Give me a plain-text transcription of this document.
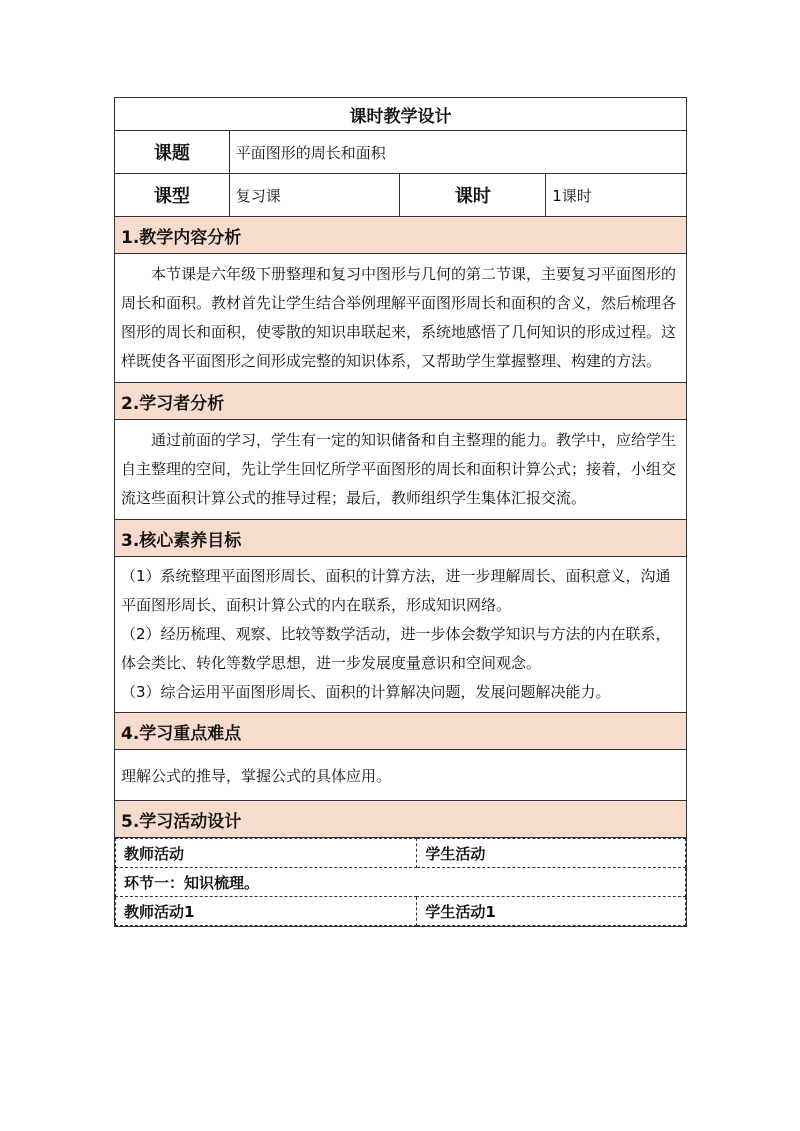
课时教学设计
课题	平面图形的周长和面积
课型	复习课	课时	1课时
1.教学内容分析
本节课是六年级下册整理和复习中图形与几何的第二节课，主要复习平面图形的周长和面积。教材首先让学生结合举例理解平面图形周长和面积的含义，然后梳理各图形的周长和面积，使零散的知识串联起来，系统地感悟了几何知识的形成过程。这样既使各平面图形之间形成完整的知识体系，又帮助学生掌握整理、构建的方法。
2.学习者分析
通过前面的学习，学生有一定的知识储备和自主整理的能力。教学中，应给学生自主整理的空间，先让学生回忆所学平面图形的周长和面积计算公式；接着，小组交流这些面积计算公式的推导过程；最后，教师组织学生集体汇报交流。
3.核心素养目标

（1）系统整理平面图形周长、面积的计算方法，进一步理解周长、面积意义，沟通平面图形周长、面积计算公式的内在联系，形成知识网络。

（2）经历梳理、观察、比较等数学活动，进一步体会数学知识与方法的内在联系，体会类比、转化等数学思想，进一步发展度量意识和空间观念。

（3）综合运用平面图形周长、面积的计算解决问题，发展问题解决能力。

4.学习重点难点
理解公式的推导，掌握公式的具体应用。
5.学习活动设计

教师活动	学生活动
环节一：知识梳理。
教师活动1	学生活动1
